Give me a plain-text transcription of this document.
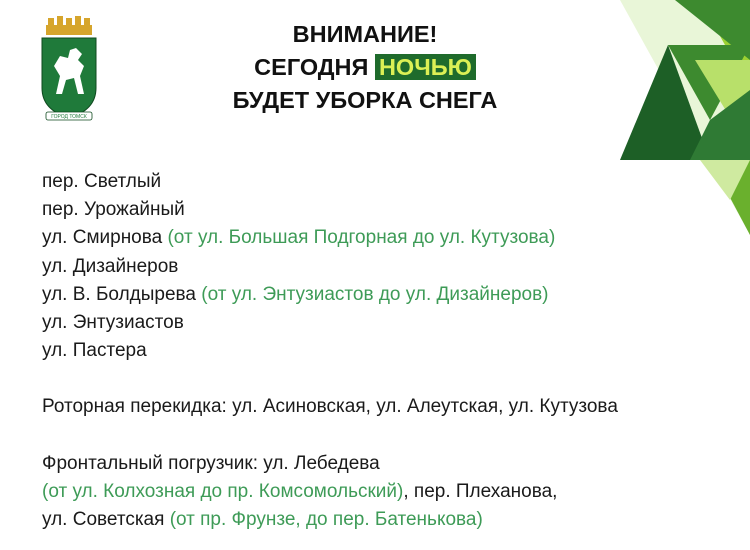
ГОРОД ТОМСК
ВНИМАНИЕ!
СЕГОДНЯ НОЧЬЮ
БУДЕТ УБОРКА СНЕГА
пер. Светлый
пер. Урожайный
ул. Смирнова (от ул. Большая Подгорная до ул. Кутузова)
ул. Дизайнеров
ул. В. Болдырева (от ул. Энтузиастов до ул. Дизайнеров)
ул. Энтузиастов
ул. Пастера
Роторная перекидка: ул. Асиновская, ул. Алеутская, ул. Кутузова
Фронтальный погрузчик: ул. Лебедева
(от ул. Колхозная до пр. Комсомольский), пер. Плеханова,
ул. Советская (от пр. Фрунзе, до пер. Батенькова)
